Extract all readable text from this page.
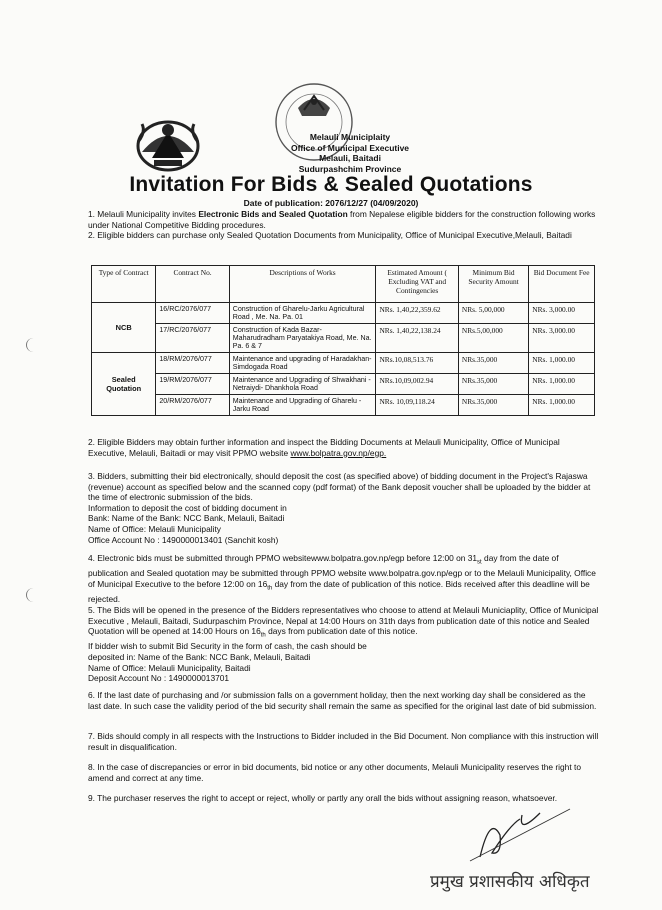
Melauli Municiplaity
Office of Municipal Executive
Melauli, Baitadi
Sudurpashchim Province
Invitation For Bids & Sealed Quotations
Date of publication: 2076/12/27 (04/09/2020)

1. Melauli Municipality invites Electronic Bids and Sealed Quotation from Nepalese eligible bidders for the construction following works under National Competitive Bidding procedures.

2. Eligible bidders can purchase only Sealed Quotation Documents from Municipality, Office of Municipal Executive,Melauli, Baitadi

Type of Contract	Contract No.	Descriptions of Works	Estimated Amount ( Excluding VAT and Contingencies	Minimum Bid Security Amount	Bid Document Fee
NCB	16/RC/2076/077	Construction of Gharelu-Jarku Agricultural Road , Me. Na. Pa. 01	NRs. 1,40,22,359.62	NRs. 5,00,000	NRs. 3,000.00
	17/RC/2076/077	Construction of Kada Bazar-Maharudradham Paryatakiya Road, Me. Na. Pa. 6 & 7	NRs. 1,40,22,138.24	NRs.5,00,000	NRs. 3,000.00
Sealed Quotation	18/RM/2076/077	Maintenance and upgrading of Haradakhan-Simdogada Road	NRs.10,08,513.76	NRs.35,000	NRs. 1,000.00
	19/RM/2076/077	Maintenance and Upgrading of Shwakhani - Netraiydi- Dhankhola Road	NRs.10,09,002.94	NRs.35,000	NRs. 1,000.00
	20/RM/2076/077	Maintenance and Upgrading of Gharelu - Jarku Road	NRs. 10,09,118.24	NRs.35,000	NRs. 1,000.00

2. Eligible Bidders may obtain further information and inspect the Bidding Documents at Melauli Municipality, Office of Municipal Executive, Melauli, Baitadi or may visit PPMO website www.bolpatra.gov.np/egp.

3. Bidders, submitting their bid electronically, should deposit the cost (as specified above) of bidding document in the Project's Rajaswa (revenue) account as specified below and the scanned copy (pdf format) of the Bank deposit voucher shall be uploaded by the bidder at the time of electronic submission of the bids.

Information to deposit the cost of bidding document in

Bank: Name of the Bank: NCC Bank, Melauli, Baitadi

Name of Office: Melauli Municipality

Office Account No : 1490000013401 (Sanchit kosh)

4. Electronic bids must be submitted through PPMO websitewww.bolpatra.gov.np/egp before 12:00 on $31_{st}$ day from the date of publication and Sealed quotation may be submitted through PPMO website www.bolpatra.gov.np/egp or to the Melauli Municipality, Office of Municipal Executive to the before 12:00 on $16_{th}$ day from the date of publication of this notice. Bids received after this deadline will be rejected.

5. The Bids will be opened in the presence of the Bidders representatives who choose to attend at Melauli Municiaplity, Office of Municipal Executive , Melauli, Baitadi, Sudurpaschim Province, Nepal at 14:00 Hours on 31th days from publication date of this notice and Sealed Quotation will be opened at 14:00 Hours on $16_{th}$ days from publication date of this notice.

If bidder wish to submit Bid Security in the form of cash, the cash should be

deposited in: Name of the Bank: NCC Bank, Melauli, Baitadi

Name of Office: Melauli Municipality, Baitadi

Deposit Account No : 1490000013701

6. If the last date of purchasing and /or submission falls on a government holiday, then the next working day shall be considered as the last date. In such case the validity period of the bid security shall remain the same as specified for the original last date of bid submission.
7. Bids should comply in all respects with the Instructions to Bidder included in the Bid Document. Non compliance with this instruction will result in disqualification.
8. In the case of discrepancies or error in bid documents, bid notice or any other documents, Melauli Municipality reserves the right to amend and correct at any time.
9. The purchaser reserves the right to accept or reject, wholly or partly any orall the bids without assigning reason, whatsoever.
प्रमुख प्रशासकीय अधिकृत
